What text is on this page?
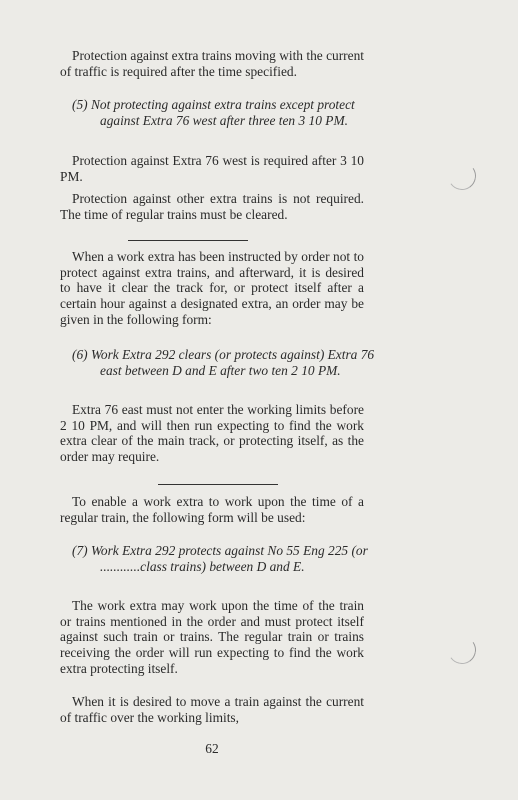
Protection against extra trains moving with the current of traffic is required after the time specified.
(5) Not protecting against extra trains except protect against Extra 76 west after three ten 3 10 PM.
Protection against Extra 76 west is required after 3 10 PM.
Protection against other extra trains is not required. The time of regular trains must be cleared.
When a work extra has been instructed by order not to protect against extra trains, and afterward, it is desired to have it clear the track for, or protect itself after a certain hour against a designated extra, an order may be given in the following form:
(6) Work Extra 292 clears (or protects against) Extra 76 east between D and E after two ten 2 10 PM.
Extra 76 east must not enter the working limits before 2 10 PM, and will then run expecting to find the work extra clear of the main track, or protecting itself, as the order may require.
To enable a work extra to work upon the time of a regular train, the following form will be used:
(7) Work Extra 292 protects against No 55 Eng 225 (or ............class trains) between D and E.
The work extra may work upon the time of the train or trains mentioned in the order and must protect itself against such train or trains. The regular train or trains receiving the order will run expecting to find the work extra protecting itself.
When it is desired to move a train against the current of traffic over the working limits,
62
